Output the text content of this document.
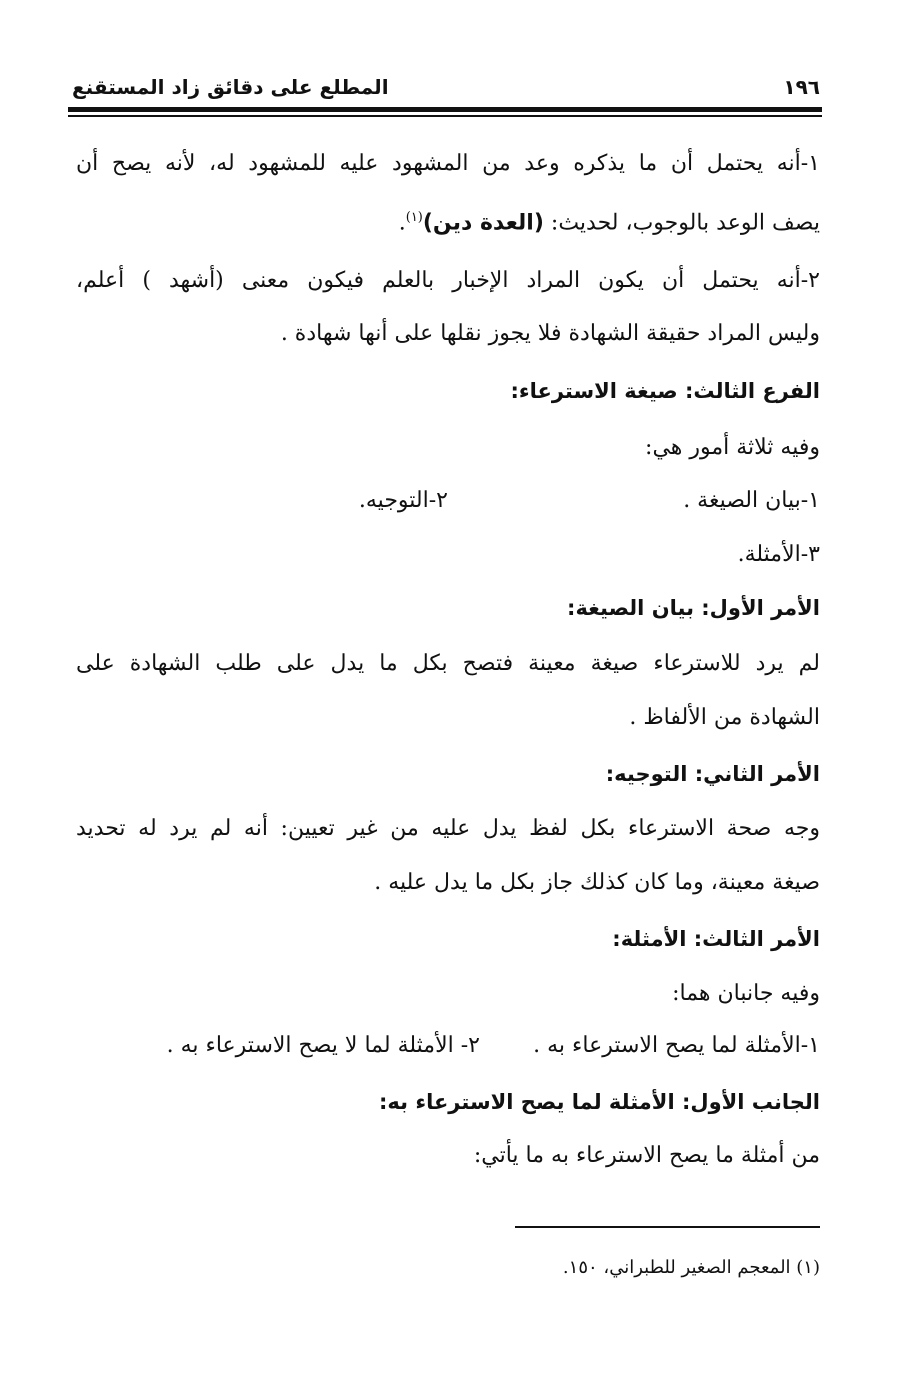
١٩٦
المطلع على دقائق زاد المستقنع
١-أنه يحتمل أن ما يذكره وعد من المشهود عليه للمشهود له، لأنه يصح أن
يصف الوعد بالوجوب، لحديث: (العدة دين)$^{(١)}$.
٢-أنه يحتمل أن يكون المراد الإخبار بالعلم فيكون معنى (أشهد ) أعلم،
وليس المراد حقيقة الشهادة فلا يجوز نقلها على أنها شهادة .
الفرع الثالث: صيغة الاسترعاء:
وفيه ثلاثة أمور هي:
١-بيان الصيغة .
٢-التوجيه.
٣-الأمثلة.
الأمر الأول: بيان الصيغة:
لم يرد للاسترعاء صيغة معينة فتصح بكل ما يدل على طلب الشهادة على
الشهادة من الألفاظ .
الأمر الثاني: التوجيه:
وجه صحة الاسترعاء بكل لفظ يدل عليه من غير تعيين: أنه لم يرد له تحديد
صيغة معينة، وما كان كذلك جاز بكل ما يدل عليه .
الأمر الثالث: الأمثلة:
وفيه جانبان هما:
١-الأمثلة لما يصح الاسترعاء به .
٢- الأمثلة لما لا يصح الاسترعاء به .
الجانب الأول: الأمثلة لما يصح الاسترعاء به:
من أمثلة ما يصح الاسترعاء به ما يأتي:
(١) المعجم الصغير للطبراني، ١٥٠.
